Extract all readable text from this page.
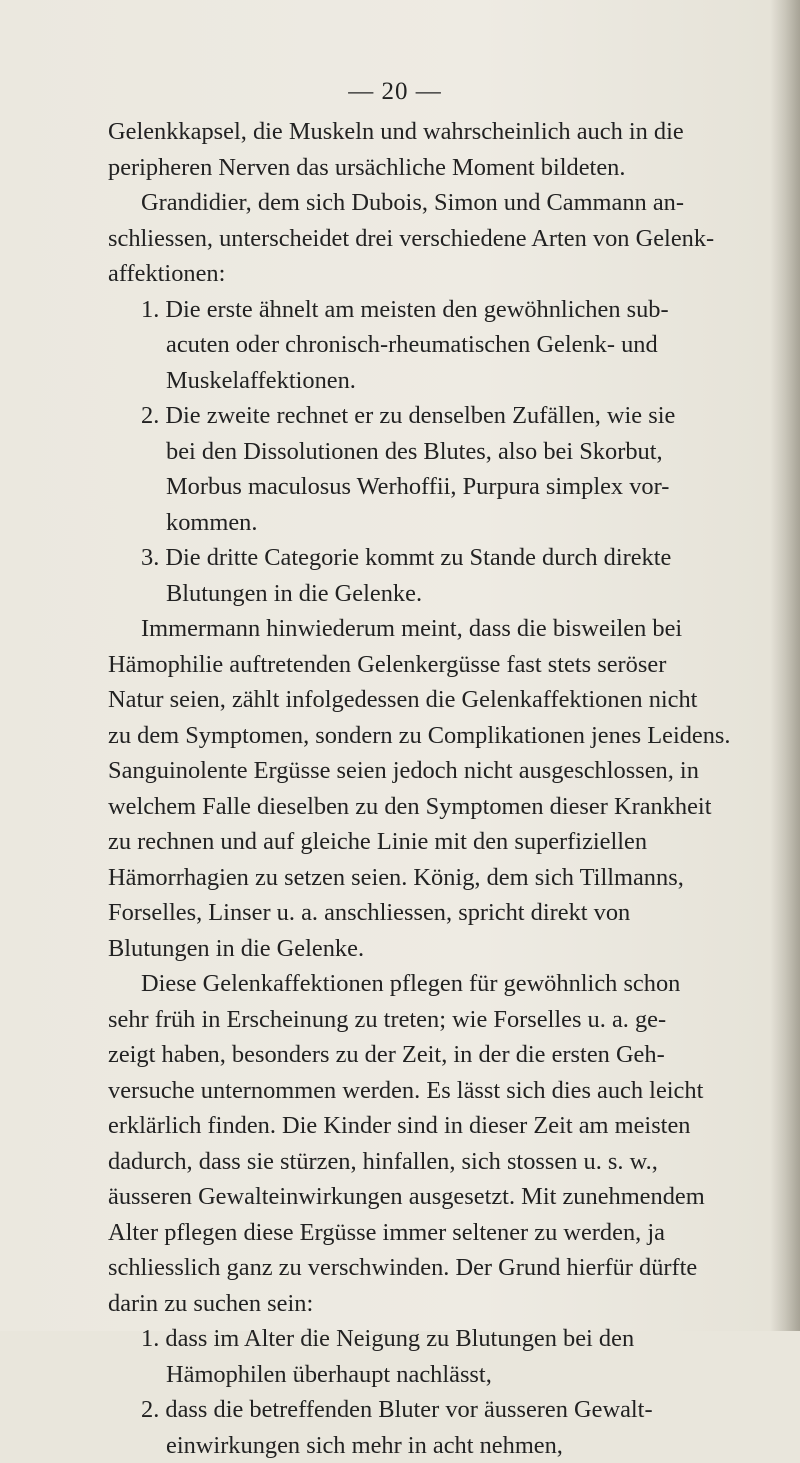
— 20 —
Gelenkkapsel, die Muskeln und wahrscheinlich auch in die
peripheren Nerven das ursächliche Moment bildeten.
Grandidier, dem sich Dubois, Simon und Cammann an-
schliessen, unterscheidet drei verschiedene Arten von Gelenk-
affektionen:
1. Die erste ähnelt am meisten den gewöhnlichen sub-
acuten oder chronisch-rheumatischen Gelenk- und
Muskelaffektionen.
2. Die zweite rechnet er zu denselben Zufällen, wie sie
bei den Dissolutionen des Blutes, also bei Skorbut,
Morbus maculosus Werhoffii, Purpura simplex vor-
kommen.
3. Die dritte Categorie kommt zu Stande durch direkte
Blutungen in die Gelenke.
Immermann hinwiederum meint, dass die bisweilen bei
Hämophilie auftretenden Gelenkergüsse fast stets seröser
Natur seien, zählt infolgedessen die Gelenkaffektionen nicht
zu dem Symptomen, sondern zu Complikationen jenes Leidens.
Sanguinolente Ergüsse seien jedoch nicht ausgeschlossen, in
welchem Falle dieselben zu den Symptomen dieser Krankheit
zu rechnen und auf gleiche Linie mit den superfiziellen
Hämorrhagien zu setzen seien. König, dem sich Tillmanns,
Forselles, Linser u. a. anschliessen, spricht direkt von
Blutungen in die Gelenke.
Diese Gelenkaffektionen pflegen für gewöhnlich schon
sehr früh in Erscheinung zu treten; wie Forselles u. a. ge-
zeigt haben, besonders zu der Zeit, in der die ersten Geh-
versuche unternommen werden. Es lässt sich dies auch leicht
erklärlich finden. Die Kinder sind in dieser Zeit am meisten
dadurch, dass sie stürzen, hinfallen, sich stossen u. s. w.,
äusseren Gewalteinwirkungen ausgesetzt. Mit zunehmendem
Alter pflegen diese Ergüsse immer seltener zu werden, ja
schliesslich ganz zu verschwinden. Der Grund hierfür dürfte
darin zu suchen sein:
1. dass im Alter die Neigung zu Blutungen bei den
Hämophilen überhaupt nachlässt,
2. dass die betreffenden Bluter vor äusseren Gewalt-
einwirkungen sich mehr in acht nehmen,
